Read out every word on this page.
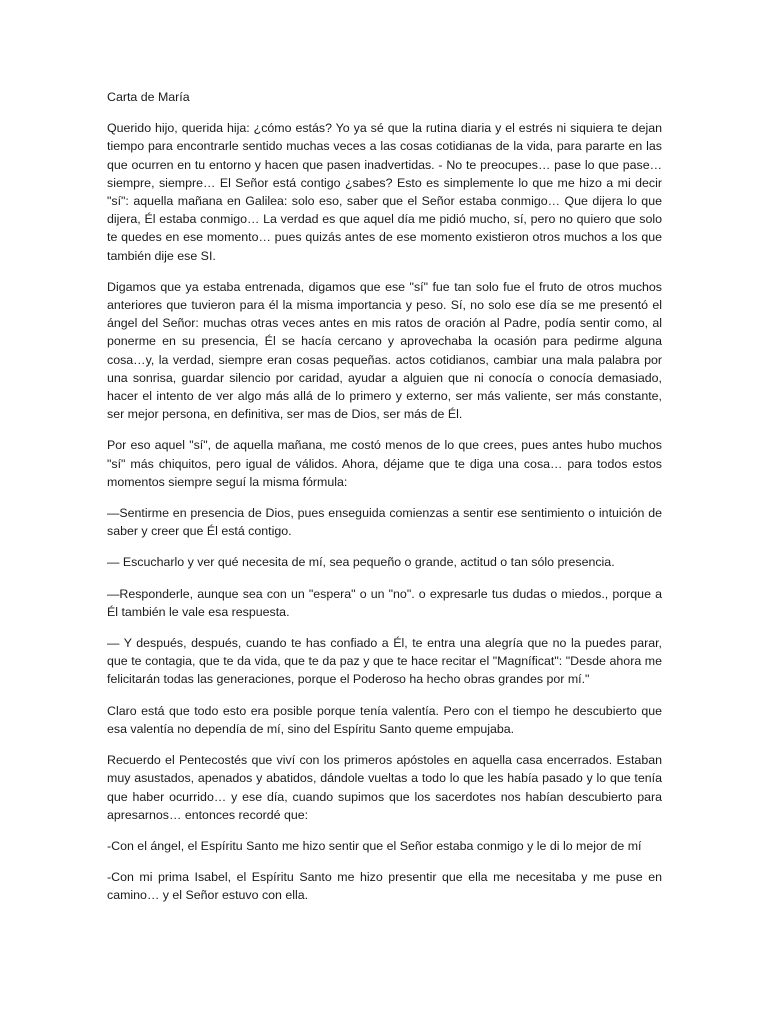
Carta de María

Querido hijo, querida hija: ¿cómo estás? Yo ya sé que la rutina diaria y el estrés ni siquiera te dejan tiempo para encontrarle sentido muchas veces a las cosas cotidianas de la vida, para pararte en las que ocurren en tu entorno y hacen que pasen inadvertidas. - No te preocupes… pase lo que pase… siempre, siempre… El Señor está contigo ¿sabes? Esto es simplemente lo que me hizo a mi decir "sí": aquella mañana en Galilea: solo eso, saber que el Señor estaba conmigo… Que dijera lo que dijera, Él estaba conmigo… La verdad es que aquel día me pidió mucho, sí, pero no quiero que solo te quedes en ese momento… pues quizás antes de ese momento existieron otros muchos a los que también dije ese SI.

Digamos que ya estaba entrenada, digamos que ese "sí" fue tan solo fue el fruto de otros muchos anteriores que tuvieron para él la misma importancia y peso. Sí, no solo ese día se me presentó el ángel del Señor: muchas otras veces antes en mis ratos de oración al Padre, podía sentir como, al ponerme en su presencia, Él se hacía cercano y aprovechaba la ocasión para pedirme alguna cosa…y, la verdad, siempre eran cosas pequeñas. actos cotidianos, cambiar una mala palabra por una sonrisa, guardar silencio por caridad, ayudar a alguien que ni conocía o conocía demasiado, hacer el intento de ver algo más allá de lo primero y externo, ser más valiente, ser más constante, ser mejor persona, en definitiva, ser mas de Dios, ser más de Él.

Por eso aquel "sí", de aquella mañana, me costó menos de lo que crees, pues antes hubo muchos "sí" más chiquitos, pero igual de válidos. Ahora, déjame que te diga una cosa… para todos estos momentos siempre seguí la misma fórmula:

—Sentirme en presencia de Dios, pues enseguida comienzas a sentir ese sentimiento o intuición de saber y creer que Él está contigo.

— Escucharlo y ver qué necesita de mí, sea pequeño o grande, actitud o tan sólo presencia.

—Responderle, aunque sea con un "espera" o un "no". o expresarle tus dudas o miedos., porque a Él también le vale esa respuesta.

— Y después, después, cuando te has confiado a Él, te entra una alegría que no la puedes parar, que te contagia, que te da vida, que te da paz y que te hace recitar el "Magníficat": "Desde ahora me felicitarán todas las generaciones, porque el Poderoso ha hecho obras grandes por mí."

Claro está que todo esto era posible porque tenía valentía. Pero con el tiempo he descubierto que esa valentía no dependía de mí, sino del Espíritu Santo queme empujaba.

Recuerdo el Pentecostés que viví con los primeros apóstoles en aquella casa encerrados. Estaban muy asustados, apenados y abatidos, dándole vueltas a todo lo que les había pasado y lo que tenía que haber ocurrido… y ese día, cuando supimos que los sacerdotes nos habían descubierto para apresarnos… entonces recordé que:

-Con el ángel, el Espíritu Santo me hizo sentir que el Señor estaba conmigo y le di lo mejor de mí

-Con mi prima Isabel, el Espíritu Santo me hizo presentir que ella me necesitaba y me puse en camino… y el Señor estuvo con ella.
